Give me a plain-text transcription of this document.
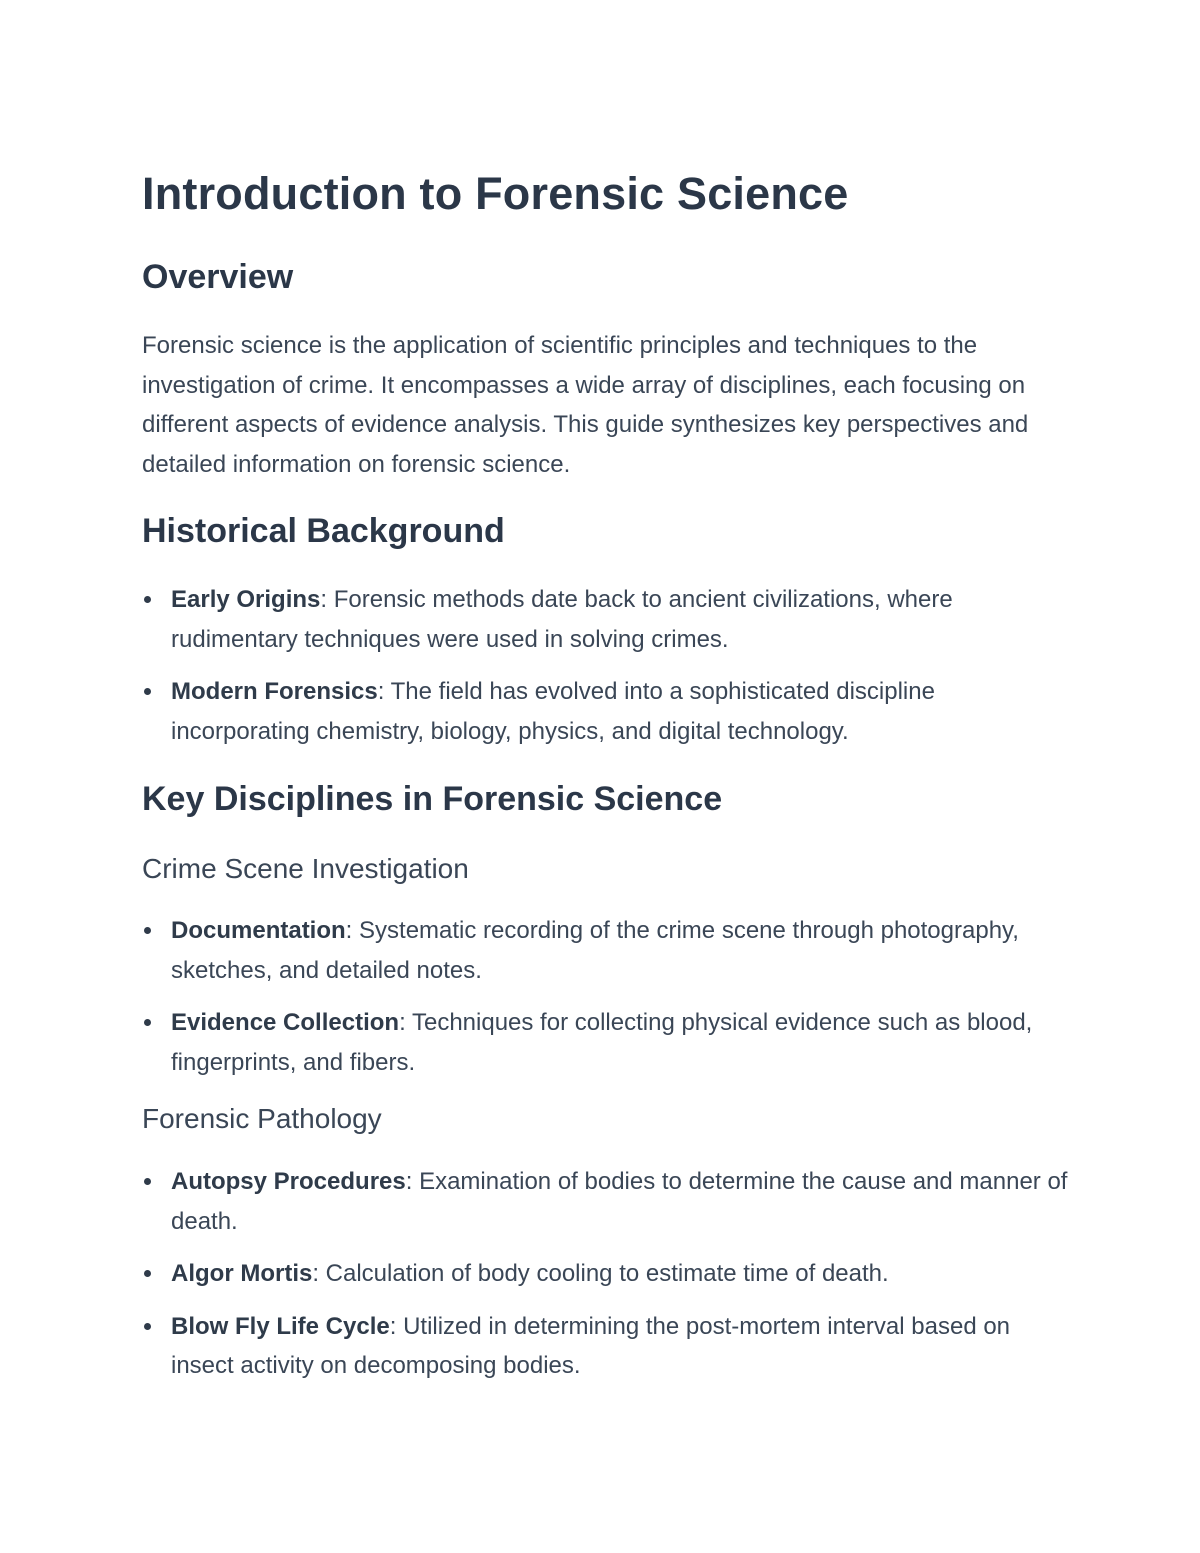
Introduction to Forensic Science
Overview

Forensic science is the application of scientific principles and techniques to the investigation of crime. It encompasses a wide array of disciplines, each focusing on different aspects of evidence analysis. This guide synthesizes key perspectives and detailed information on forensic science.

Historical Background
Early Origins: Forensic methods date back to ancient civilizations, where rudimentary techniques were used in solving crimes.
Modern Forensics: The field has evolved into a sophisticated discipline incorporating chemistry, biology, physics, and digital technology.
Key Disciplines in Forensic Science
Crime Scene Investigation
Documentation: Systematic recording of the crime scene through photography, sketches, and detailed notes.
Evidence Collection: Techniques for collecting physical evidence such as blood, fingerprints, and fibers.
Forensic Pathology
Autopsy Procedures: Examination of bodies to determine the cause and manner of death.
Algor Mortis: Calculation of body cooling to estimate time of death.
Blow Fly Life Cycle: Utilized in determining the post-mortem interval based on insect activity on decomposing bodies.
